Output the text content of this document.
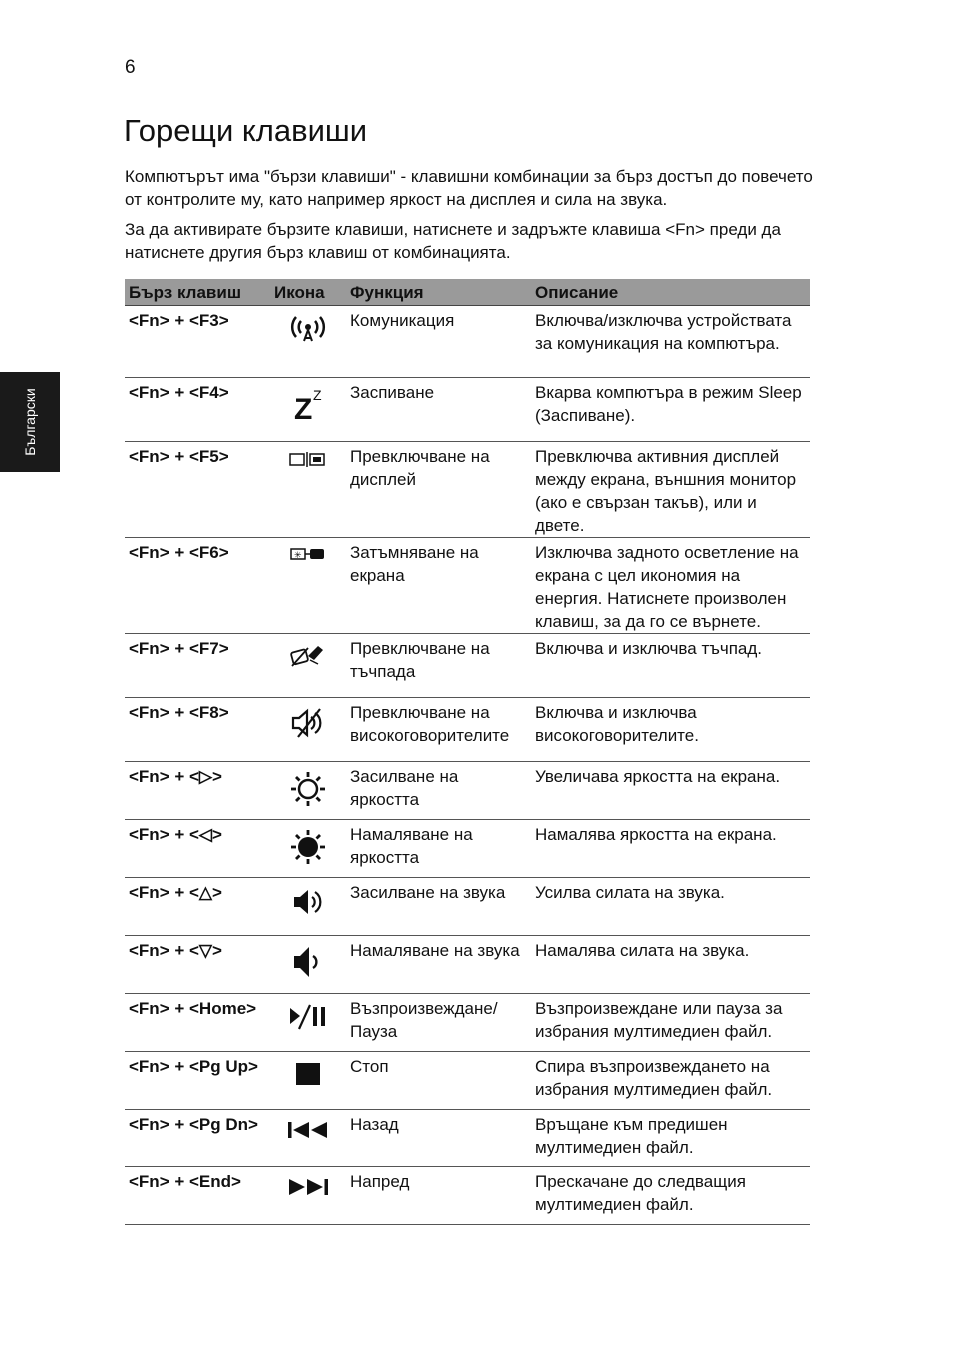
6
Български
Горещи клавиши

Компютърът има "бързи клавиши" - клавишни комбинации за бърз достъп до повечето от контролите му, като например яркост на дисплея и сила на звука.

За да активирате бързите клавиши, натиснете и задръжте клавиша <Fn> преди да натиснете другия бърз клавиш от комбинацията.

Бърз клавиш	Икона	Функция	Описание
<Fn> + <F3>		Комуникация	Включва/изключва устройствата за комуникация на компютъра.
<Fn> + <F4>	Z Z	Заспиване	Вкарва компютъра в режим Sleep (Заспиване).
<Fn> + <F5>		Превключване на дисплей	Превключва активния дисплей между екрана, външния монитор (ако е свързан такъв), или и двете.
<Fn> + <F6>	✳	Затъмняване на екрана	Изключва задното осветление на екрана с цел икономия на енергия. Натиснете произволен клавиш, за да го се върнете.
<Fn> + <F7>		Превключване на тъчпада	Включва и изключва тъчпад.
<Fn> + <F8>		Превключване на високоговорителите	Включва и изключва високоговорителите.
<Fn> + <▷>		Засилване на яркостта	Увеличава яркостта на екрана.
<Fn> + <◁>		Намаляване на яркостта	Намалява яркостта на екрана.
<Fn> + <△>		Засилване на звука	Усилва силата на звука.
<Fn> + <▽>		Намаляване на звука	Намалява силата на звука.
<Fn> + <Home>		Възпроизвеждане/ Пауза	Възпроизвеждане или пауза за избрания мултимедиен файл.
<Fn> + <Pg Up>		Стоп	Спира възпроизвеждането на избрания мултимедиен файл.
<Fn> + <Pg Dn>		Назад	Връщане към предишен мултимедиен файл.
<Fn> + <End>		Напред	Прескачане до следващия мултимедиен файл.
